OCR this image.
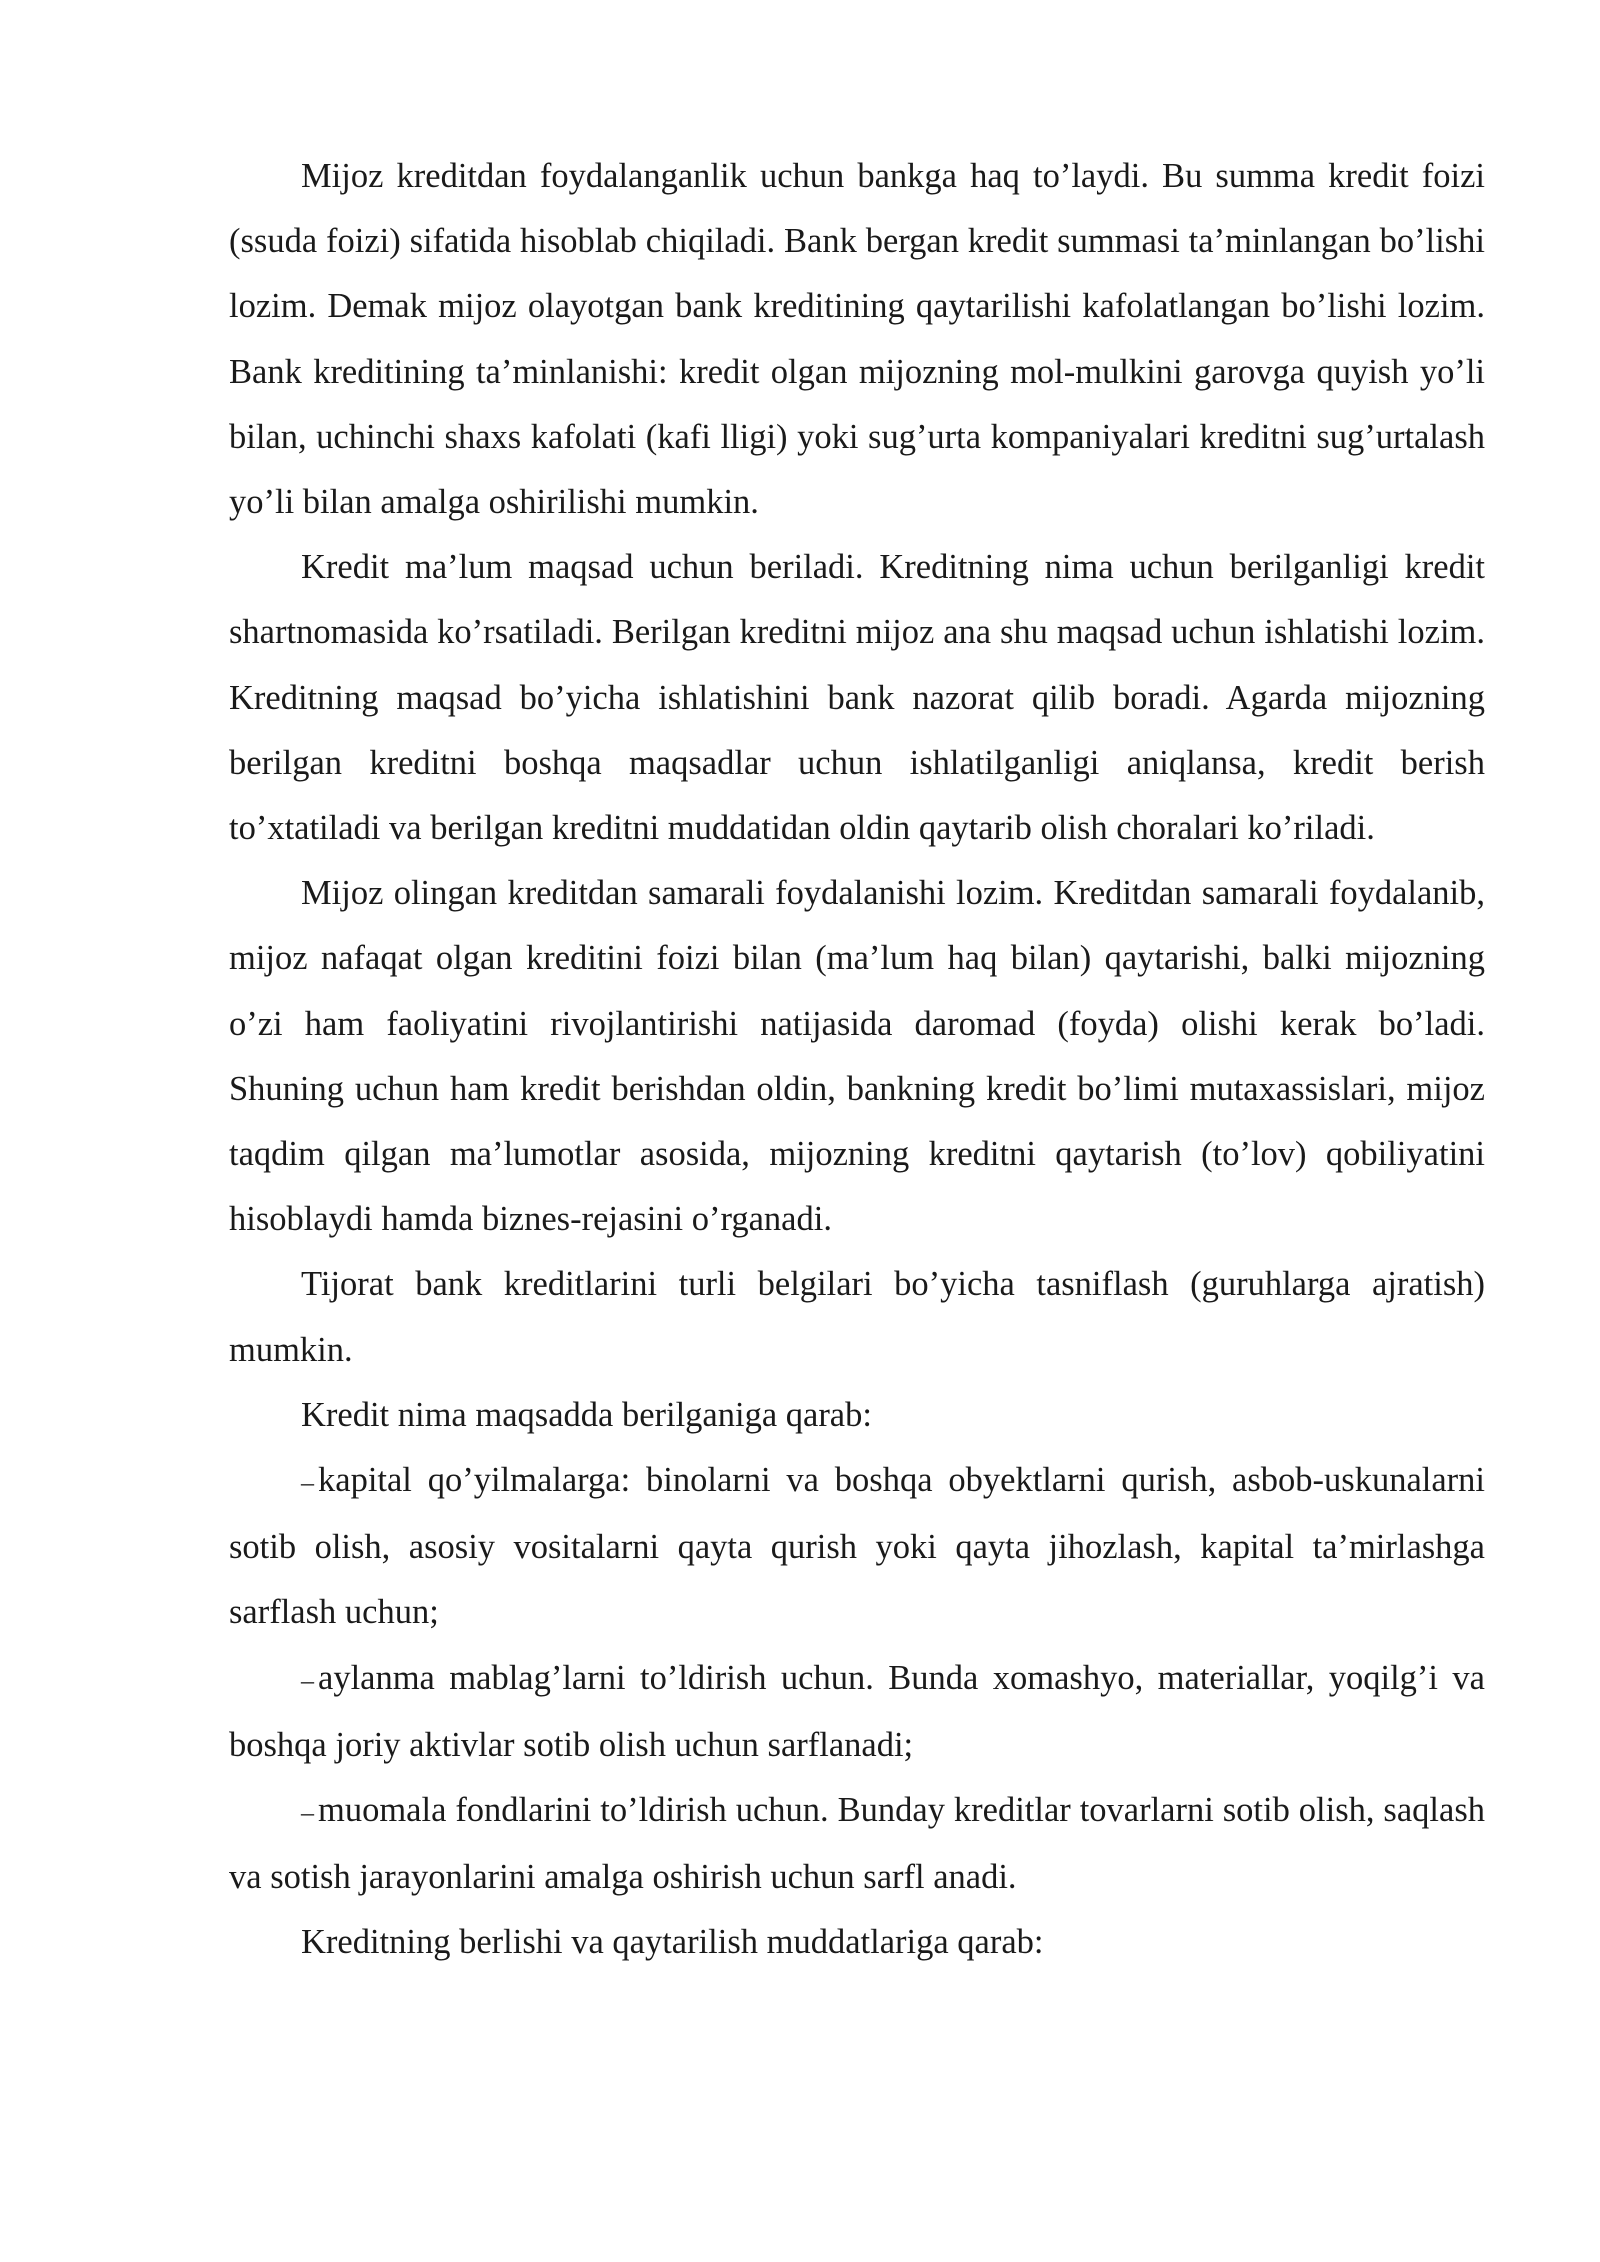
Mijoz kreditdan foydalanganlik uchun bankga haq to’laydi. Bu summa kredit foizi (ssuda foizi) sifatida hisoblab chiqiladi. Bank bergan kredit summasi ta’minlangan bo’lishi lozim. Demak mijoz olayotgan bank kreditining qaytarilishi kafolatlangan bo’lishi lozim. Bank kreditining ta’minlanishi: kredit olgan mijozning mol-mulkini garovga quyish yo’li bilan, uchinchi shaxs kafolati (kafi lligi) yoki sug’urta kompaniyalari kreditni sug’urtalash yo’li bilan amalga oshirilishi mumkin.

Kredit ma’lum maqsad uchun beriladi. Kreditning nima uchun berilganligi kredit shartnomasida ko’rsatiladi. Berilgan kreditni mijoz ana shu maqsad uchun ishlatishi lozim. Kreditning maqsad bo’yicha ishlatishini bank nazorat qilib boradi. Agarda mijozning berilgan kreditni boshqa maqsadlar uchun ishlatilganligi aniqlansa, kredit berish to’xtatiladi va berilgan kreditni muddatidan oldin qaytarib olish choralari ko’riladi.

Mijoz olingan kreditdan samarali foydalanishi lozim. Kreditdan samarali foydalanib, mijoz nafaqat olgan kreditini foizi bilan (ma’lum haq bilan) qaytarishi, balki mijozning o’zi ham faoliyatini rivojlantirishi natijasida daromad (foyda) olishi kerak bo’ladi. Shuning uchun ham kredit berishdan oldin, bankning kredit bo’limi mutaxassislari, mijoz taqdim qilgan ma’lumotlar asosida, mijozning kreditni qaytarish (to’lov) qobiliyatini hisoblaydi hamda biznes-rejasini o’rganadi.

Tijorat bank kreditlarini turli belgilari bo’yicha tasniflash (guruhlarga ajratish) mumkin.

Kredit nima maqsadda berilganiga qarab:

– kapital qo’yilmalarga: binolarni va boshqa obyektlarni qurish, asbob-uskunalarni sotib olish, asosiy vositalarni qayta qurish yoki qayta jihozlash, kapital ta’mirlashga sarflash uchun;

– aylanma mablag’larni to’ldirish uchun. Bunda xomashyo, materiallar, yoqilg’i va boshqa joriy aktivlar sotib olish uchun sarflanadi;

– muomala fondlarini to’ldirish uchun. Bunday kreditlar tovarlarni sotib olish, saqlash va sotish jarayonlarini amalga oshirish uchun sarfl anadi.

Kreditning berlishi va qaytarilish muddatlariga qarab:
